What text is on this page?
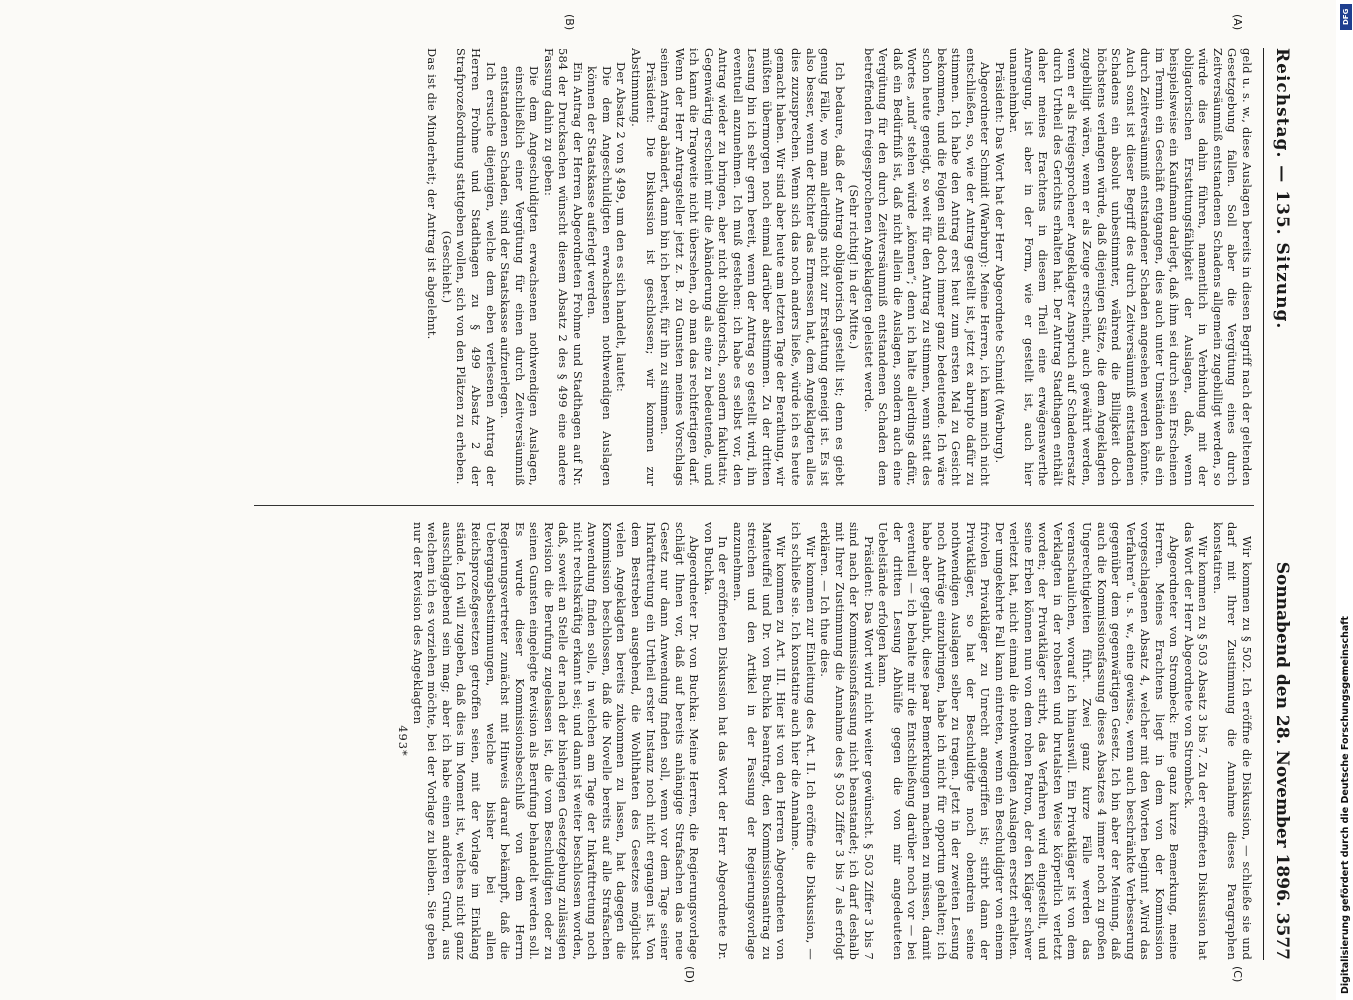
Reichstag. — 135. Sitzung.
Sonnabend den 28. November 1896. 3577
(A)
(B)
(C)
(D)

geld u. s. w., diese Auslagen bereits in diesen Begriff nach der geltenden Gesetzgebung fallen. Soll aber die Vergütung eines durch Zeitversäumniß entstandenen Schadens allgemein zugebilligt werden, so würde dies dahin führen, namentlich in Verbindung mit der obligatorischen Erstattungsfähigkeit der Auslagen, daß, wenn beispielsweise ein Kaufmann darlegt, daß ihm sei durch sein Erscheinen im Termin ein Geschäft entgangen, dies auch unter Umständen als ein durch Zeitversäumniß entstandener Schaden angesehen werden könnte. Auch sonst ist dieser Begriff des durch Zeitversäumniß entstandenen Schadens ein absolut unbestimmter, während die Billigkeit doch höchstens verlangen würde, daß diejenigen Sätze, die dem Angeklagten zugebilligt wären, wenn er als Zeuge erscheint, auch gewährt werden, wenn er als freigesprochener Angeklagter Anspruch auf Schadenersatz durch Urtheil des Gerichts erhalten hat. Der Antrag Stadthagen enthält daher meines Erachtens in diesem Theil eine erwägenswerthe Anregung, ist aber in der Form, wie er gestellt ist, auch hier unannehmbar.

Präsident: Das Wort hat der Herr Abgeordnete Schmidt (Warburg).

Abgeordneter Schmidt (Warburg): Meine Herren, ich kann mich nicht entschließen, so, wie der Antrag gestellt ist, jetzt ex abrupto dafür zu stimmen. Ich habe den Antrag erst heut zum ersten Mal zu Gesicht bekommen, und die Folgen sind doch immer ganz bedeutende. Ich wäre schon heute geneigt, so weit für den Antrag zu stimmen, wenn statt des Wortes „und“ stehen würde „können“; denn ich halte allerdings dafür, daß ein Bedürfniß ist, daß nicht allein die Auslagen, sondern auch eine Vergütung für den durch Zeitversäumniß entstandenen Schaden dem betreffenden freigesprochenen Angeklagten geleistet werde.

(Sehr richtig! in der Mitte.)

Ich bedaure, daß der Antrag obligatorisch gestellt ist; denn es giebt genug Fälle, wo man allerdings nicht zur Erstattung geneigt ist. Es ist also besser, wenn der Richter das Ermessen hat, dem Angeklagten alles dies zuzusprechen. Wenn sich das noch anders ließe, würde ich es heute gemacht haben. Wir sind aber heute am letzten Tage der Berathung, wir müßten übermorgen noch einmal darüber abstimmen. Zu der dritten Lesung bin ich sehr gern bereit, wenn der Antrag so gestellt wird, ihn eventuell anzunehmen. Ich muß gestehen: ich habe es selbst vor, den Antrag wieder zu bringen, aber nicht obligatorisch, sondern fakultativ. Gegenwärtig erscheint mir die Abänderung als eine zu bedeutende, und ich kann die Tragweite nicht übersehen, ob man das rechtfertigen darf. Wenn der Herr Antragsteller jetzt z. B. zu Gunsten meines Vorschlags seinen Antrag abändert, dann bin ich bereit, für ihn zu stimmen.

Präsident: Die Diskussion ist geschlossen; wir kommen zur Abstimmung.

Der Absatz 2 von § 499, um den es sich handelt, lautet:

Die dem Angeschuldigten erwachsenen nothwendigen Auslagen können der Staatskasse auferlegt werden.

Ein Antrag der Herren Abgeordneten Frohme und Stadthagen auf Nr. 584 der Drucksachen wünscht diesem Absatz 2 des § 499 eine andere Fassung dahin zu geben:

Die dem Angeschuldigten erwachsenen nothwendigen Auslagen, einschließlich einer Vergütung für einen durch Zeitversäumniß entstandenen Schaden, sind der Staatskasse aufzuerlegen.

Ich ersuche diejenigen, welche dem eben verlesenen Antrag der Herren Frohme und Stadthagen zu § 499 Absatz 2 der Strafprozeßordnung stattgeben wollen, sich von den Plätzen zu erheben.

(Geschieht.)

Das ist die Minderheit; der Antrag ist abgelehnt.

Wir kommen zu § 502. Ich eröffne die Diskussion, — schließe sie und darf mit Ihrer Zustimmung die Annahme dieses Paragraphen konstatiren.

Wir kommen zu § 503 Absatz 3 bis 7. Zu der eröffneten Diskussion hat das Wort der Herr Abgeordnete von Strombeck.

Abgeordneter von Strombeck: Eine ganz kurze Bemerkung, meine Herren. Meines Erachtens liegt in dem von der Kommission vorgeschlagenen Absatz 4, welcher mit den Worten beginnt „Wird das Verfahren“ u. s. w., eine gewisse, wenn auch beschränkte Verbesserung gegenüber dem gegenwärtigen Gesetz. Ich bin aber der Meinung, daß auch die Kommissionsfassung dieses Absatzes 4 immer noch zu großen Ungerechtigkeiten führt. Zwei ganz kurze Fälle werden das veranschaulichen, worauf ich hinauswill. Ein Privatkläger ist von dem Verklagten in der rohesten und brutalsten Weise körperlich verletzt worden; der Privatkläger stirbt, das Verfahren wird eingestellt, und seine Erben können nun von dem rohen Patron, der den Kläger schwer verletzt hat, nicht einmal die nothwendigen Auslagen ersetzt erhalten. Der umgekehrte Fall kann eintreten, wenn ein Beschuldigter von einem frivolen Privatkläger zu Unrecht angegriffen ist; stirbt dann der Privatkläger, so hat der Beschuldigte noch obendrein seine nothwendigen Auslagen selber zu tragen. Jetzt in der zweiten Lesung noch Anträge einzubringen, habe ich nicht für opportun gehalten; ich habe aber geglaubt, diese paar Bemerkungen machen zu müssen, damit eventuell — ich behalte mir die Entschließung darüber noch vor — bei der dritten Lesung Abhülfe gegen die von mir angedeuteten Uebelstände erfolgen kann.

Präsident: Das Wort wird nicht weiter gewünscht. § 503 Ziffer 3 bis 7 sind nach der Kommissionsfassung nicht beanstandet; ich darf deshalb mit Ihrer Zustimmung die Annahme des § 503 Ziffer 3 bis 7 als erfolgt erklären. — Ich thue dies.

Wir kommen zur Einleitung des Art. II. Ich eröffne die Diskussion, — ich schließe sie. Ich konstatire auch hier die Annahme.

Wir kommen zu Art. III. Hier ist von den Herren Abgeordneten von Manteuffel und Dr. von Buchka beantragt, den Kommissionsantrag zu streichen und den Artikel in der Fassung der Regierungsvorlage anzunehmen.

In der eröffneten Diskussion hat das Wort der Herr Abgeordnete Dr. von Buchka.

Abgeordneter Dr. von Buchka: Meine Herren, die Regierungsvorlage schlägt Ihnen vor, daß auf bereits anhängige Strafsachen das neue Gesetz nur dann Anwendung finden soll, wenn vor dem Tage seiner Inkrafttretung ein Urtheil erster Instanz noch nicht ergangen ist. Von dem Bestreben ausgehend, die Wohlthaten des Gesetzes möglichst vielen Angeklagten bereits zukommen zu lassen, hat dagegen die Kommission beschlossen, daß die Novelle bereits auf alle Strafsachen Anwendung finden solle, in welchen am Tage der Inkrafttretung noch nicht rechtskräftig erkannt sei; und dann ist weiter beschlossen worden, daß, soweit an Stelle der nach der bisherigen Gesetzgebung zulässigen Revision die Berufung zugelassen ist, die vom Beschuldigten oder zu seinen Gunsten eingelegte Revision als Berufung behandelt werden soll. Es wurde dieser Kommissionsbeschluß von dem Herrn Regierungsvertreter zunächst mit Hinweis darauf bekämpft, daß die Uebergangsbestimmungen, welche bisher bei allen Reichsprozeßgesetzen getroffen seien, mit der Vorlage im Einklang stände. Ich will zugeben, daß dies im Moment ist, welches nicht ganz ausschlaggebend sein mag; aber ich habe einen anderen Grund, aus welchem ich es vorziehen möchte, bei der Vorlage zu bleiben. Sie geben nur der Revision des Angeklagten

493*

DFG
Digitalisierung gefördert durch die Deutsche Forschungsgemeinschaft
